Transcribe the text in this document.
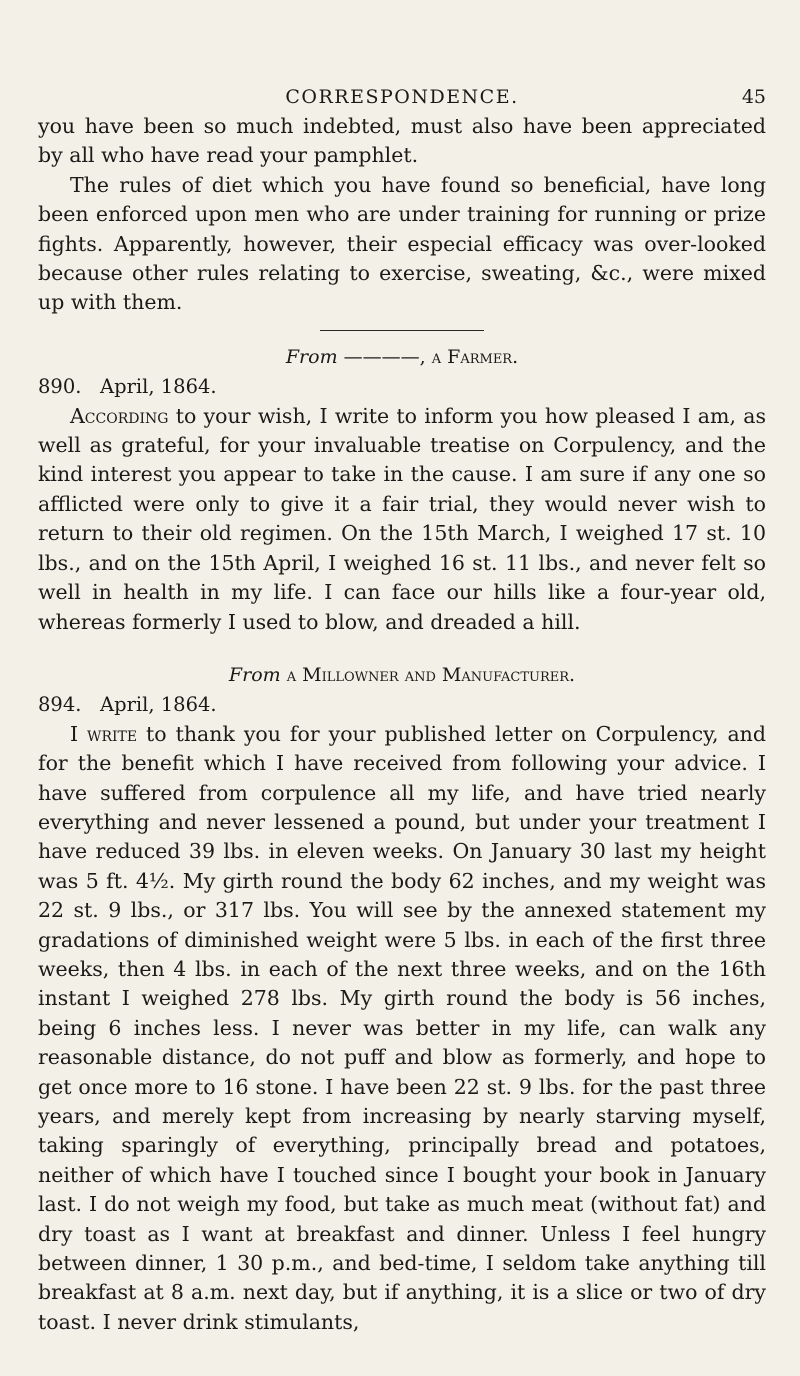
CORRESPONDENCE.	45

you have been so much indebted, must also have been appreciated by all who have read your pamphlet.

The rules of diet which you have found so beneficial, have long been enforced upon men who are under training for running or prize fights. Apparently, however, their especial efficacy was over-looked because other rules relating to exercise, sweating, &c., were mixed up with them.

From ————, a Farmer.

890. April, 1864.

According to your wish, I write to inform you how pleased I am, as well as grateful, for your invaluable treatise on Corpulency, and the kind interest you appear to take in the cause. I am sure if any one so afflicted were only to give it a fair trial, they would never wish to return to their old regimen. On the 15th March, I weighed 17 st. 10 lbs., and on the 15th April, I weighed 16 st. 11 lbs., and never felt so well in health in my life. I can face our hills like a four-year old, whereas formerly I used to blow, and dreaded a hill.

From a Millowner and Manufacturer.

894. April, 1864.

I write to thank you for your published letter on Corpulency, and for the benefit which I have received from following your advice. I have suffered from corpulence all my life, and have tried nearly everything and never lessened a pound, but under your treatment I have reduced 39 lbs. in eleven weeks. On January 30 last my height was 5 ft. 4½. My girth round the body 62 inches, and my weight was 22 st. 9 lbs., or 317 lbs. You will see by the annexed statement my gradations of diminished weight were 5 lbs. in each of the first three weeks, then 4 lbs. in each of the next three weeks, and on the 16th instant I weighed 278 lbs. My girth round the body is 56 inches, being 6 inches less. I never was better in my life, can walk any reasonable distance, do not puff and blow as formerly, and hope to get once more to 16 stone. I have been 22 st. 9 lbs. for the past three years, and merely kept from increasing by nearly starving myself, taking sparingly of everything, principally bread and potatoes, neither of which have I touched since I bought your book in January last. I do not weigh my food, but take as much meat (without fat) and dry toast as I want at breakfast and dinner. Unless I feel hungry between dinner, 1 30 p.m., and bed-time, I seldom take anything till breakfast at 8 a.m. next day, but if anything, it is a slice or two of dry toast. I never drink stimulants,
